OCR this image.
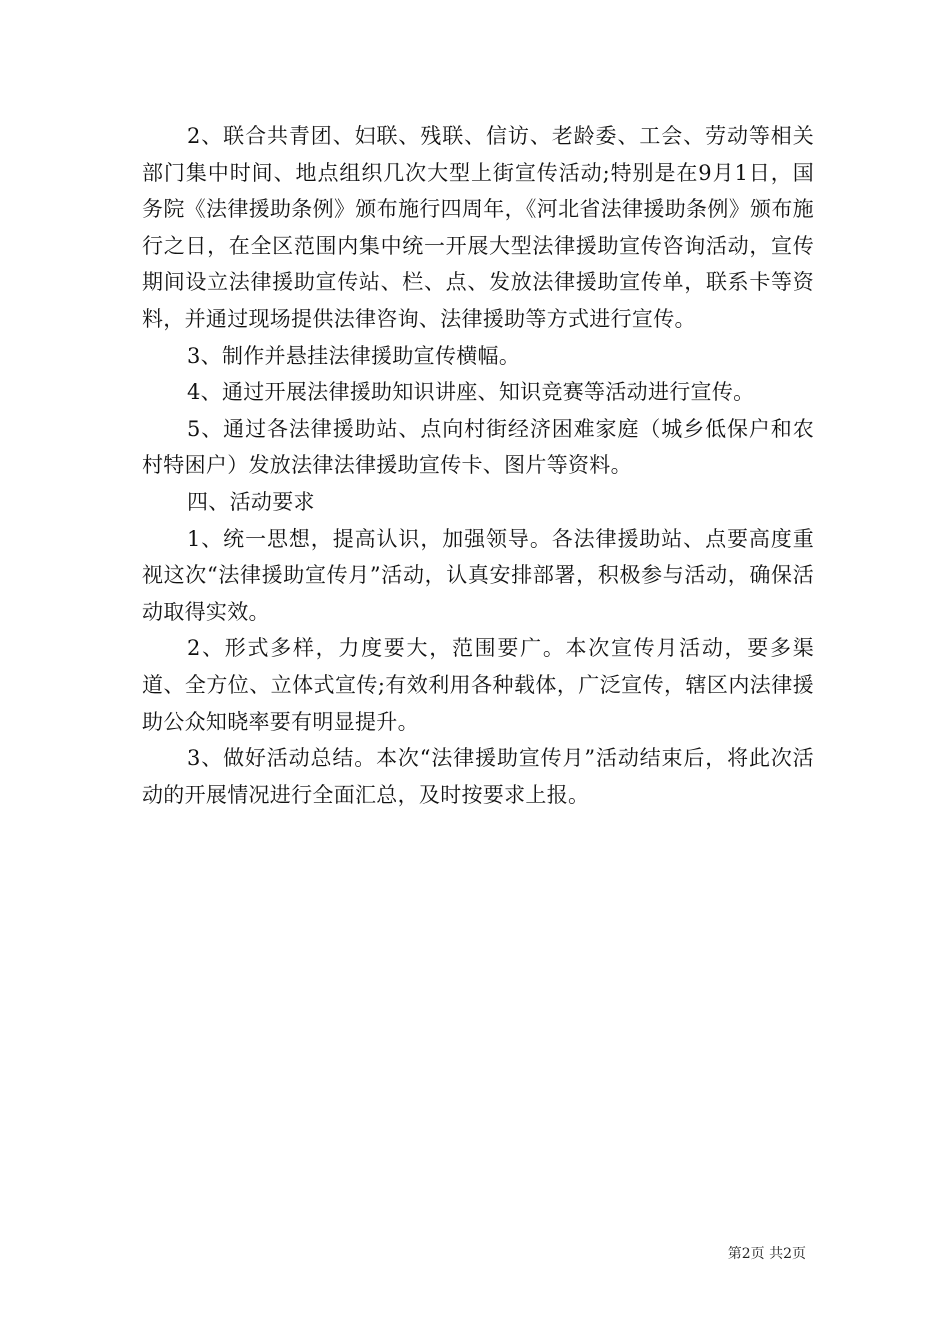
2、联合共青团、妇联、残联、信访、老龄委、工会、劳动等相关部门集中时间、地点组织几次大型上街宣传活动;特别是在9月1日，国务院《法律援助条例》颁布施行四周年，《河北省法律援助条例》颁布施行之日，在全区范围内集中统一开展大型法律援助宣传咨询活动，宣传期间设立法律援助宣传站、栏、点、发放法律援助宣传单，联系卡等资料，并通过现场提供法律咨询、法律援助等方式进行宣传。

3、制作并悬挂法律援助宣传横幅。

4、通过开展法律援助知识讲座、知识竞赛等活动进行宣传。

5、通过各法律援助站、点向村街经济困难家庭（城乡低保户和农村特困户）发放法律法律援助宣传卡、图片等资料。

四、活动要求

1、统一思想，提高认识，加强领导。各法律援助站、点要高度重视这次“法律援助宣传月”活动，认真安排部署，积极参与活动，确保活动取得实效。

2、形式多样，力度要大，范围要广。本次宣传月活动，要多渠道、全方位、立体式宣传;有效利用各种载体，广泛宣传，辖区内法律援助公众知晓率要有明显提升。

3、做好活动总结。本次“法律援助宣传月”活动结束后，将此次活动的开展情况进行全面汇总，及时按要求上报。

第2页 共2页
